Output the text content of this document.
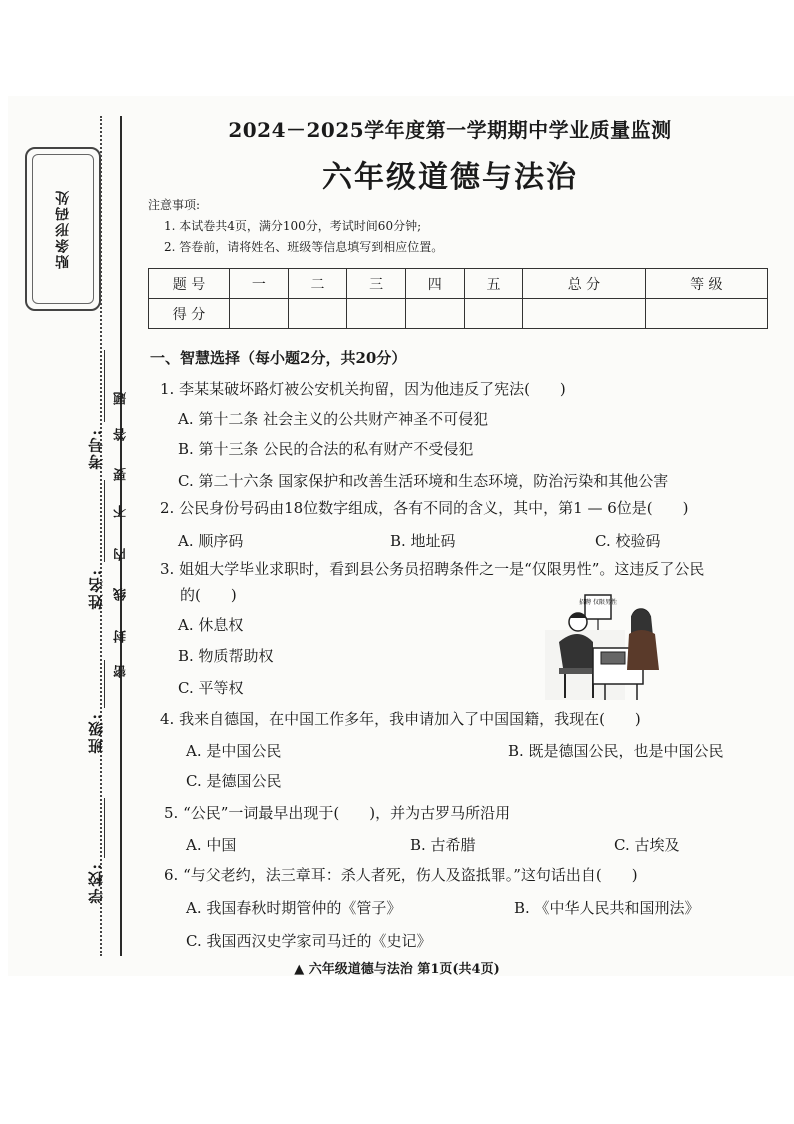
贴条形码处
考号:
姓名:
班级:
学校:
密
封
线
内
不
要
答
题
2024－2025学年度第一学期期中学业质量监测
六年级道德与法治
注意事项:
1. 本试卷共4页，满分100分，考试时间60分钟;
2. 答卷前，请将姓名、班级等信息填写到相应位置。
题 号	一	二	三	四	五	总 分	等 级
得 分							
一、智慧选择（每小题2分，共20分）
1. 李某某破坏路灯被公安机关拘留，因为他违反了宪法(　　)
A. 第十二条 社会主义的公共财产神圣不可侵犯
B. 第十三条 公民的合法的私有财产不受侵犯
C. 第二十六条 国家保护和改善生活环境和生态环境，防治污染和其他公害
2. 公民身份号码由18位数字组成，各有不同的含义，其中，第1 — 6位是(　　)
A. 顺序码	B. 地址码	C. 校验码
3. 姐姐大学毕业求职时，看到县公务员招聘条件之一是“仅限男性”。这违反了公民
的(　　)
A. 休息权
B. 物质帮助权
C. 平等权
招聘 仅限男性
4. 我来自德国，在中国工作多年，我申请加入了中国国籍，我现在(　　)
A. 是中国公民	B. 既是德国公民，也是中国公民
C. 是德国公民
5. “公民”一词最早出现于(　　)，并为古罗马所沿用
A. 中国	B. 古希腊	C. 古埃及
6. “与父老约，法三章耳：杀人者死，伤人及盗抵罪。”这句话出自(　　)
A. 我国春秋时期管仲的《管子》	B. 《中华人民共和国刑法》
C. 我国西汉史学家司马迁的《史记》
▲ 六年级道德与法治 第1页(共4页)
